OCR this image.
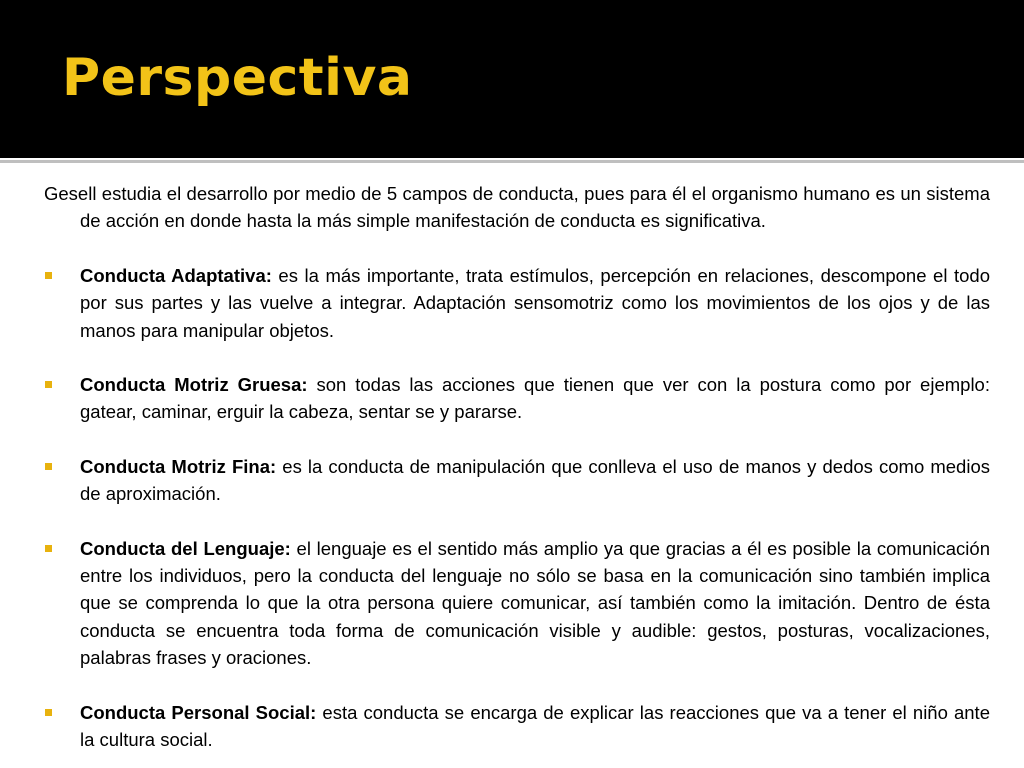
Perspectiva

Gesell estudia el desarrollo por medio de 5 campos de conducta, pues para él el organismo humano es un sistema de acción en donde hasta la más simple manifestación de conducta es significativa.

Conducta Adaptativa: es la más importante, trata estímulos, percepción en relaciones, descompone el todo por sus partes y las vuelve a integrar. Adaptación sensomotriz como los movimientos de los ojos y de las manos para manipular objetos.
Conducta Motriz Gruesa: son todas las acciones que tienen que ver con la postura como por ejemplo: gatear, caminar, erguir la cabeza, sentar se y pararse.
Conducta Motriz Fina: es la conducta de manipulación que conlleva el uso de manos y dedos como medios de aproximación.
Conducta del Lenguaje: el lenguaje es el sentido más amplio ya que gracias a él es posible la comunicación entre los individuos, pero la conducta del lenguaje no sólo se basa en la comunicación sino también implica que se comprenda lo que la otra persona quiere comunicar, así también como la imitación. Dentro de ésta conducta se encuentra toda forma de comunicación visible y audible: gestos, posturas, vocalizaciones, palabras frases y oraciones.
Conducta Personal Social: esta conducta se encarga de explicar las reacciones que va a tener el niño ante la cultura social.
